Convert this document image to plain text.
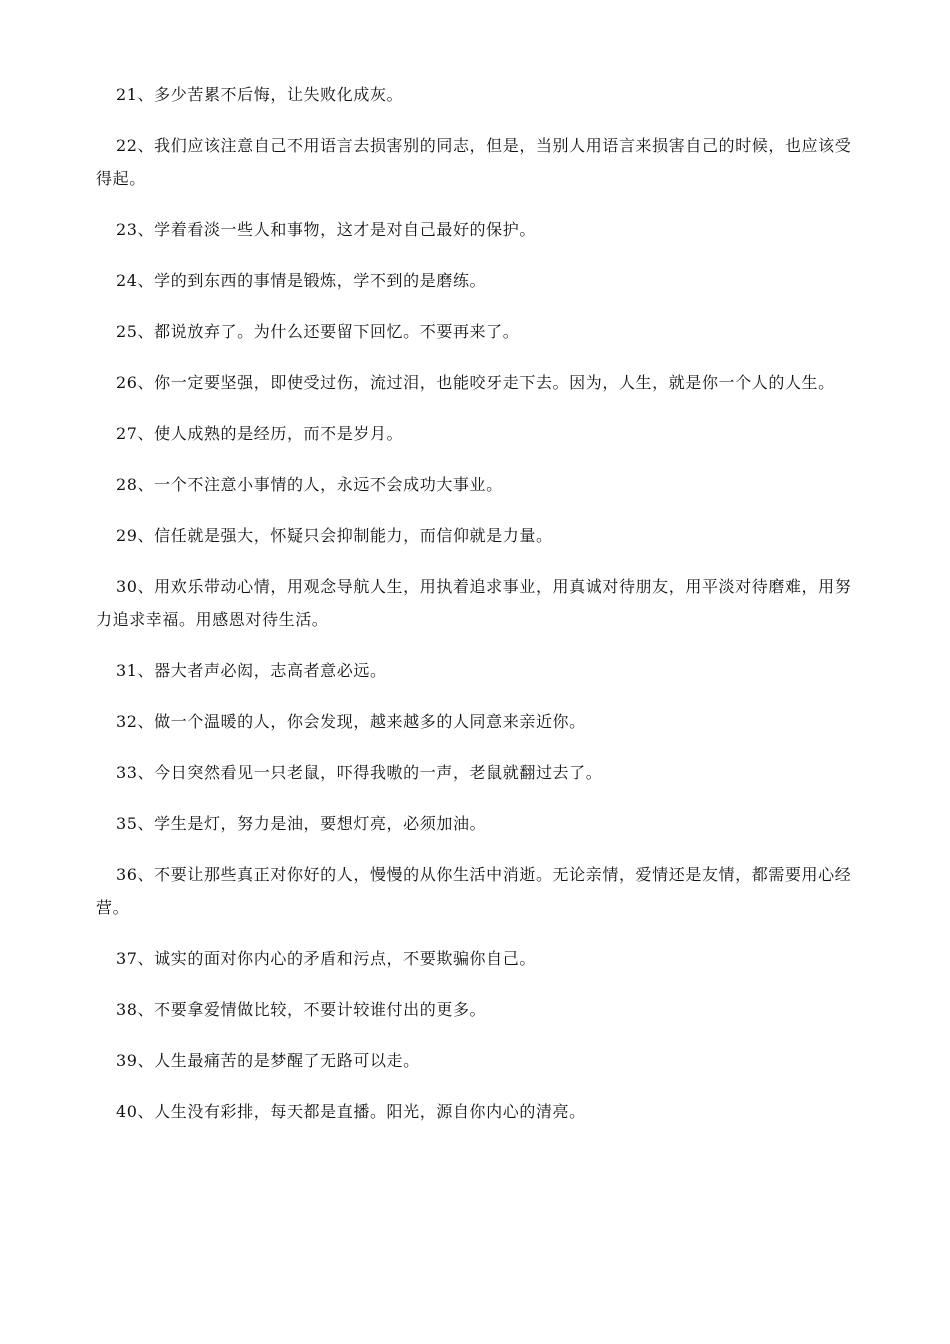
21、多少苦累不后悔，让失败化成灰。

22、我们应该注意自己不用语言去损害别的同志，但是，当别人用语言来损害自己的时候，也应该受得起。

23、学着看淡一些人和事物，这才是对自己最好的保护。

24、学的到东西的事情是锻炼，学不到的是磨练。

25、都说放弃了。为什么还要留下回忆。不要再来了。

26、你一定要坚强，即使受过伤，流过泪，也能咬牙走下去。因为，人生，就是你一个人的人生。

27、使人成熟的是经历，而不是岁月。

28、一个不注意小事情的人，永远不会成功大事业。

29、信任就是强大，怀疑只会抑制能力，而信仰就是力量。

30、用欢乐带动心情，用观念导航人生，用执着追求事业，用真诚对待朋友，用平淡对待磨难，用努力追求幸福。用感恩对待生活。

31、器大者声必闳，志高者意必远。

32、做一个温暖的人，你会发现，越来越多的人同意来亲近你。

33、今日突然看见一只老鼠，吓得我嗷的一声，老鼠就翻过去了。

35、学生是灯，努力是油，要想灯亮，必须加油。

36、不要让那些真正对你好的人，慢慢的从你生活中消逝。无论亲情，爱情还是友情，都需要用心经营。

37、诚实的面对你内心的矛盾和污点，不要欺骗你自己。

38、不要拿爱情做比较，不要计较谁付出的更多。

39、人生最痛苦的是梦醒了无路可以走。

40、人生没有彩排，每天都是直播。阳光，源自你内心的清亮。
